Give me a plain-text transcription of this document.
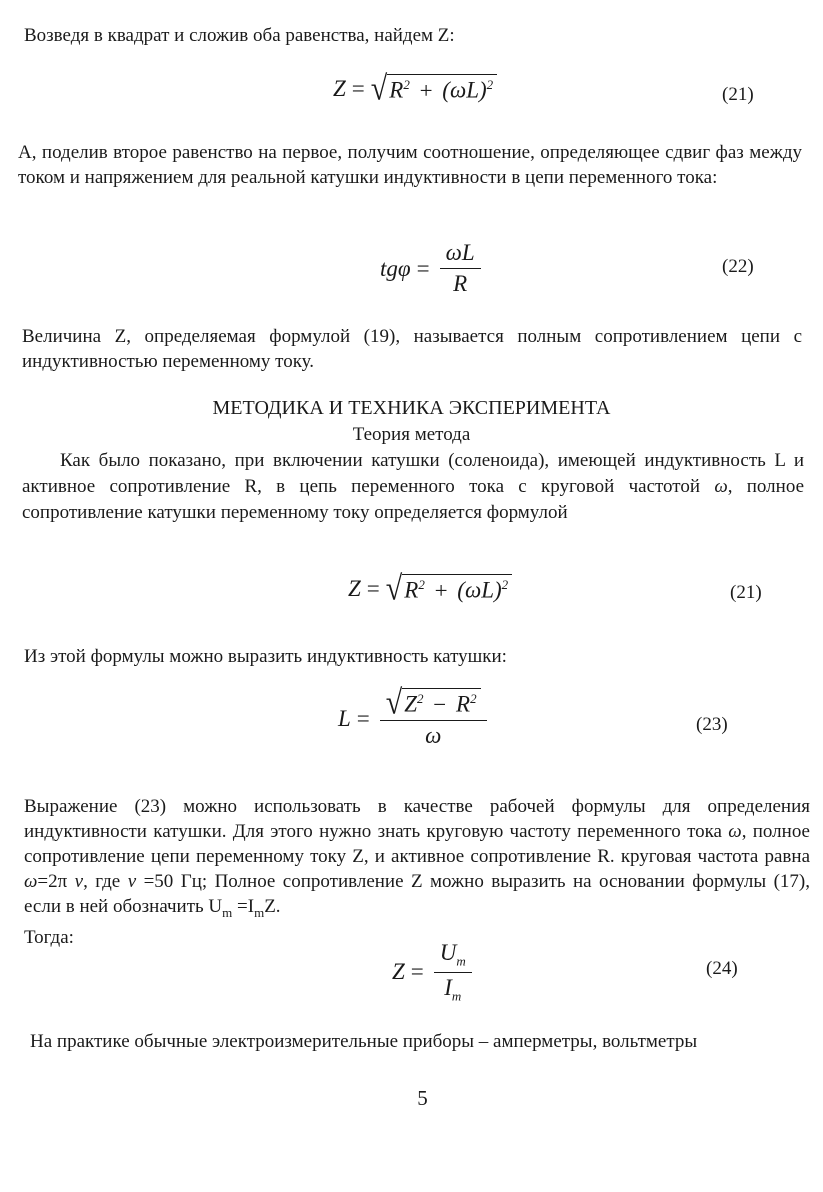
Возведя в квадрат и сложив оба равенства, найдем Z:

Z = √ $R^2 + (\omega L)^2$	(21)

А, поделив второе равенство на первое, получим соотношение, определяющее сдвиг фаз между током и напряжением для реальной катушки индуктивности в цепи переменного тока:

$tg\varphi = \frac{\omega L}{R}$	(22)

Величина Z, определяемая формулой (19), называется полным сопротивлением цепи с индуктивностью переменному току.

МЕТОДИКА И ТЕХНИКА ЭКСПЕРИМЕНТА
Теория метода

Как было показано, при включении катушки (соленоида), имеющей индуктивность L и активное сопротивление R, в цепь переменного тока с круговой частотой ω, полное сопротивление катушки переменному току определяется формулой

Z = √ $R^2 + (\omega L)^2$	(21)

Из этой формулы можно выразить индуктивность катушки:

$L = \frac{√ Z^2 - R^2}{\omega}$	(23)

Выражение (23) можно использовать в качестве рабочей формулы для определения индуктивности катушки. Для этого нужно знать круговую частоту переменного тока ω, полное сопротивление цепи переменному току Z, и активное сопротивление R. круговая частота равна ω=2π ν, где ν =50 Гц; Полное сопротивление Z можно выразить на основании формулы (17), если в ней обозначить $U_m =I_mZ$.

Тогда:

$Z = \frac{U_m}{I_m}$	(24)

На практике обычные электроизмерительные приборы – амперметры, вольтметры

5
